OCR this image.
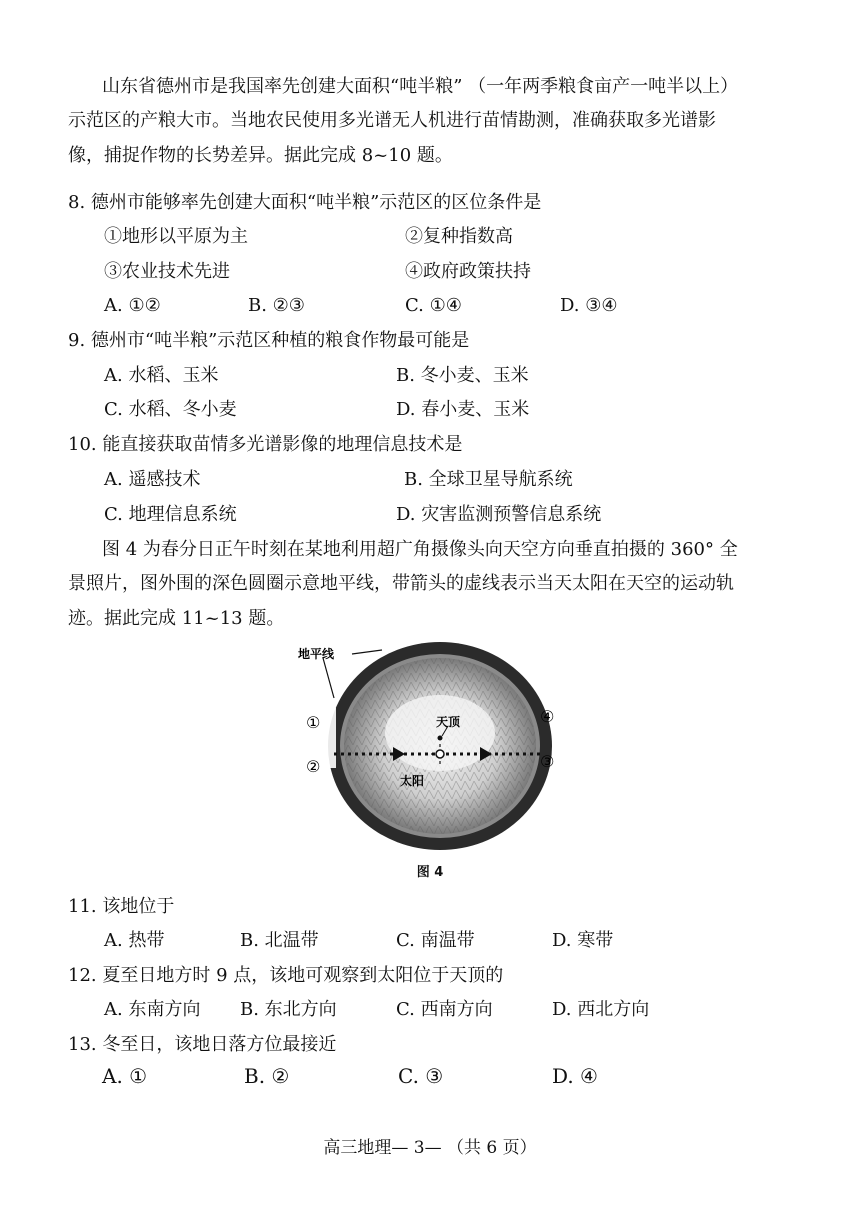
山东省德州市是我国率先创建大面积“吨半粮” （一年两季粮食亩产一吨半以上）
示范区的产粮大市。当地农民使用多光谱无人机进行苗情勘测，准确获取多光谱影
像，捕捉作物的长势差异。据此完成 8~10 题。
8. 德州市能够率先创建大面积“吨半粮”示范区的区位条件是
①地形以平原为主	②复种指数高
③农业技术先进	④政府政策扶持
A. ①②	B. ②③	C. ①④	D. ③④
9. 德州市“吨半粮”示范区种植的粮食作物最可能是
A. 水稻、玉米	B. 冬小麦、玉米
C. 水稻、冬小麦	D. 春小麦、玉米
10. 能直接获取苗情多光谱影像的地理信息技术是
A. 遥感技术	B. 全球卫星导航系统
C. 地理信息系统	D. 灾害监测预警信息系统
图 4 为春分日正午时刻在某地利用超广角摄像头向天空方向垂直拍摄的 360° 全
景照片，图外围的深色圆圈示意地平线，带箭头的虚线表示当天太阳在天空的运动轨
迹。据此完成 11~13 题。
地平线
天顶
太阳
①
②	③
④
图 4
11. 该地位于
A. 热带	B. 北温带	C. 南温带	D. 寒带
12. 夏至日地方时 9 点，该地可观察到太阳位于天顶的
A. 东南方向 B. 东北方向	C. 西南方向	D. 西北方向
13. 冬至日，该地日落方位最接近
A. ①	B. ②	C. ③	D. ④
高三地理— 3— （共 6 页）
